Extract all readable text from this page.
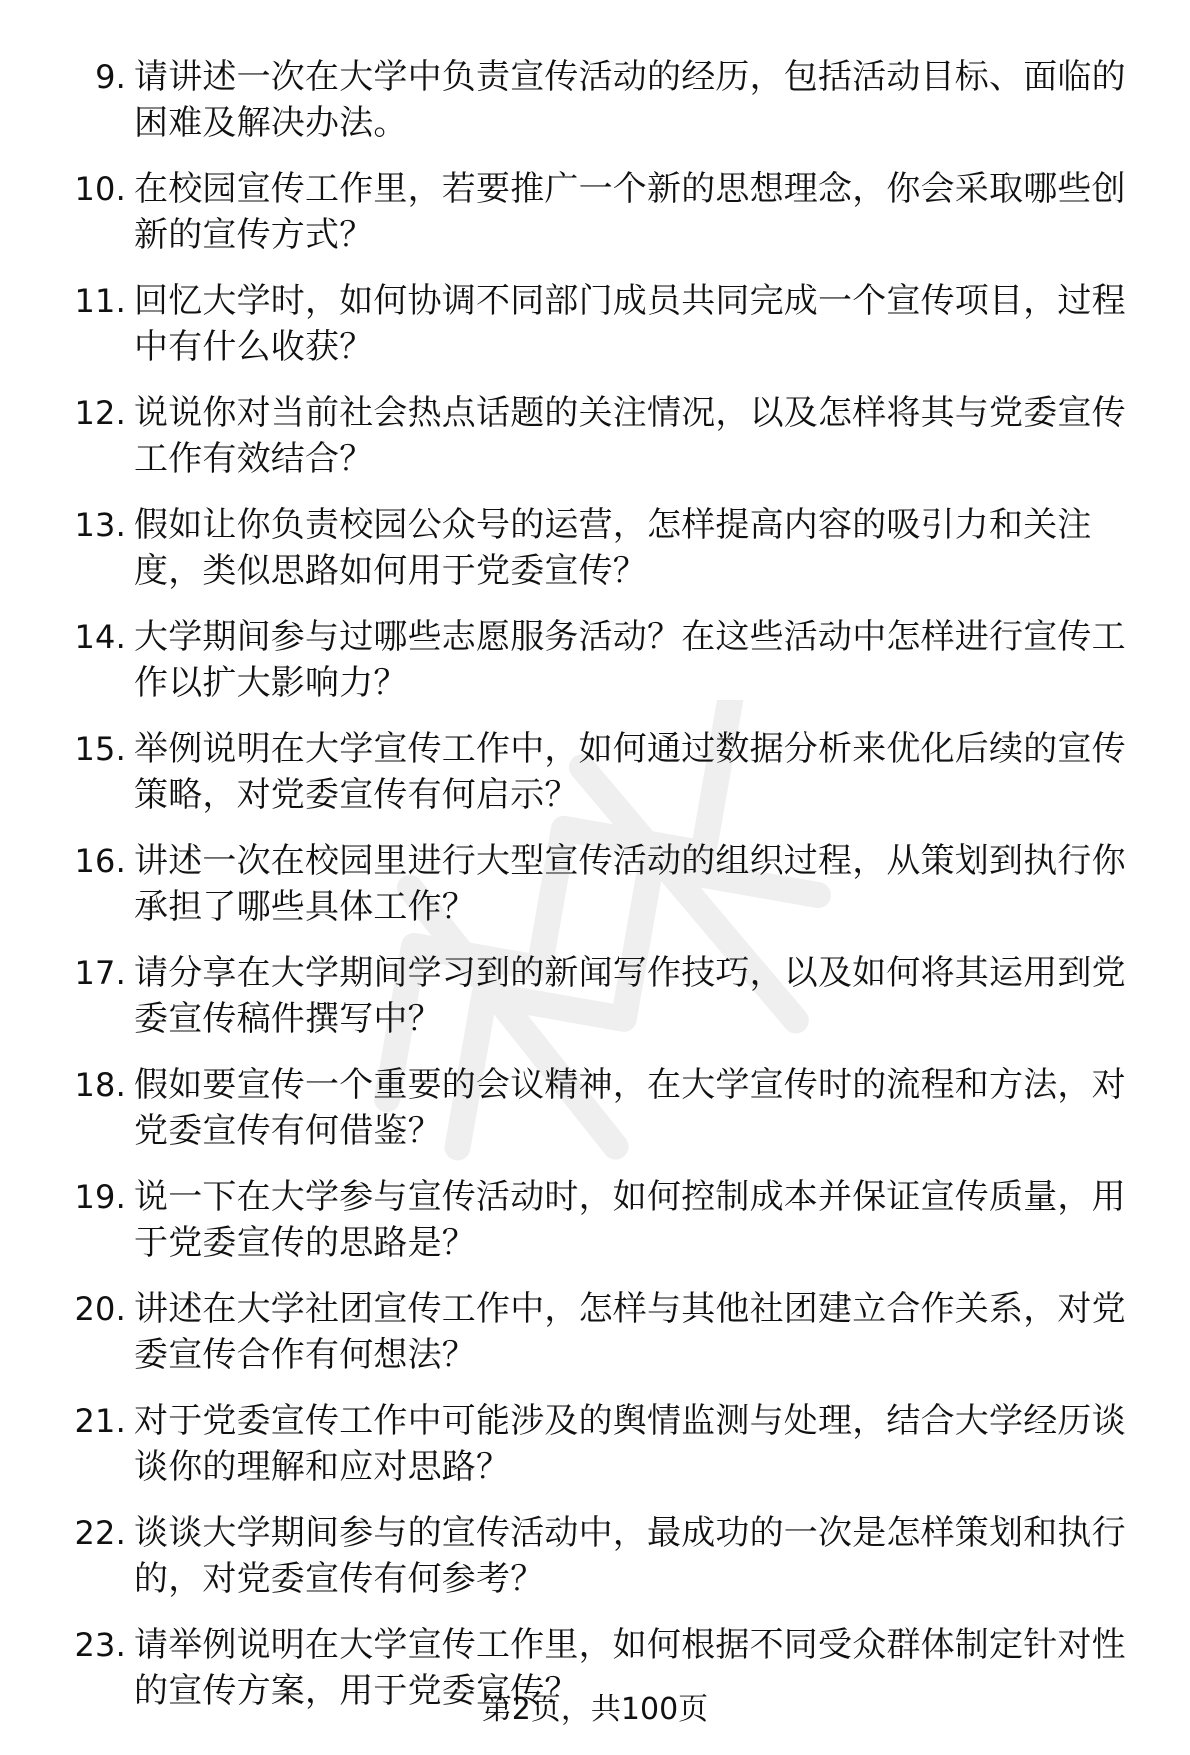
9. 请讲述一次在大学中负责宣传活动的经历，包括活动目标、面临的困难及解决办法。
10. 在校园宣传工作里，若要推广一个新的思想理念，你会采取哪些创新的宣传方式？
11. 回忆大学时，如何协调不同部门成员共同完成一个宣传项目，过程中有什么收获？
12. 说说你对当前社会热点话题的关注情况，以及怎样将其与党委宣传工作有效结合？
13. 假如让你负责校园公众号的运营，怎样提高内容的吸引力和关注度，类似思路如何用于党委宣传？
14. 大学期间参与过哪些志愿服务活动？在这些活动中怎样进行宣传工作以扩大影响力？
15. 举例说明在大学宣传工作中，如何通过数据分析来优化后续的宣传策略，对党委宣传有何启示？
16. 讲述一次在校园里进行大型宣传活动的组织过程，从策划到执行你承担了哪些具体工作？
17. 请分享在大学期间学习到的新闻写作技巧，以及如何将其运用到党委宣传稿件撰写中？
18. 假如要宣传一个重要的会议精神，在大学宣传时的流程和方法，对党委宣传有何借鉴？
19. 说一下在大学参与宣传活动时，如何控制成本并保证宣传质量，用于党委宣传的思路是？
20. 讲述在大学社团宣传工作中，怎样与其他社团建立合作关系，对党委宣传合作有何想法？
21. 对于党委宣传工作中可能涉及的舆情监测与处理，结合大学经历谈谈你的理解和应对思路？
22. 谈谈大学期间参与的宣传活动中，最成功的一次是怎样策划和执行的，对党委宣传有何参考？
23. 请举例说明在大学宣传工作里，如何根据不同受众群体制定针对性的宣传方案，用于党委宣传？
第2页，共100页
